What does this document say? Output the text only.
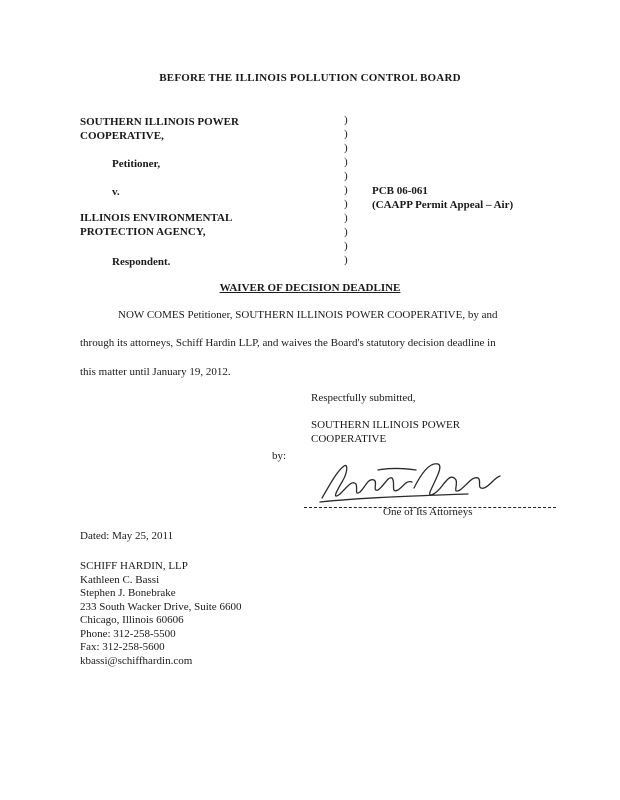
BEFORE THE ILLINOIS POLLUTION CONTROL BOARD
SOUTHERN ILLINOIS POWER
COOPERATIVE,
Petitioner,
v.
ILLINOIS ENVIRONMENTAL
PROTECTION AGENCY,
Respondent.
)
)
)
)
)
)
)
)
)
)
)
PCB 06-061
(CAAPP Permit Appeal – Air)
WAIVER OF DECISION DEADLINE
NOW COMES Petitioner, SOUTHERN ILLINOIS POWER COOPERATIVE, by and
through its attorneys, Schiff Hardin LLP, and waives the Board's statutory decision deadline in
this matter until January 19, 2012.
Respectfully submitted,
SOUTHERN ILLINOIS POWER
COOPERATIVE
by:
One of Its Attorneys
Dated: May 25, 2011
SCHIFF HARDIN, LLP
Kathleen C. Bassi
Stephen J. Bonebrake
233 South Wacker Drive, Suite 6600
Chicago, Illinois 60606
Phone: 312-258-5500
Fax: 312-258-5600
kbassi@schiffhardin.com
